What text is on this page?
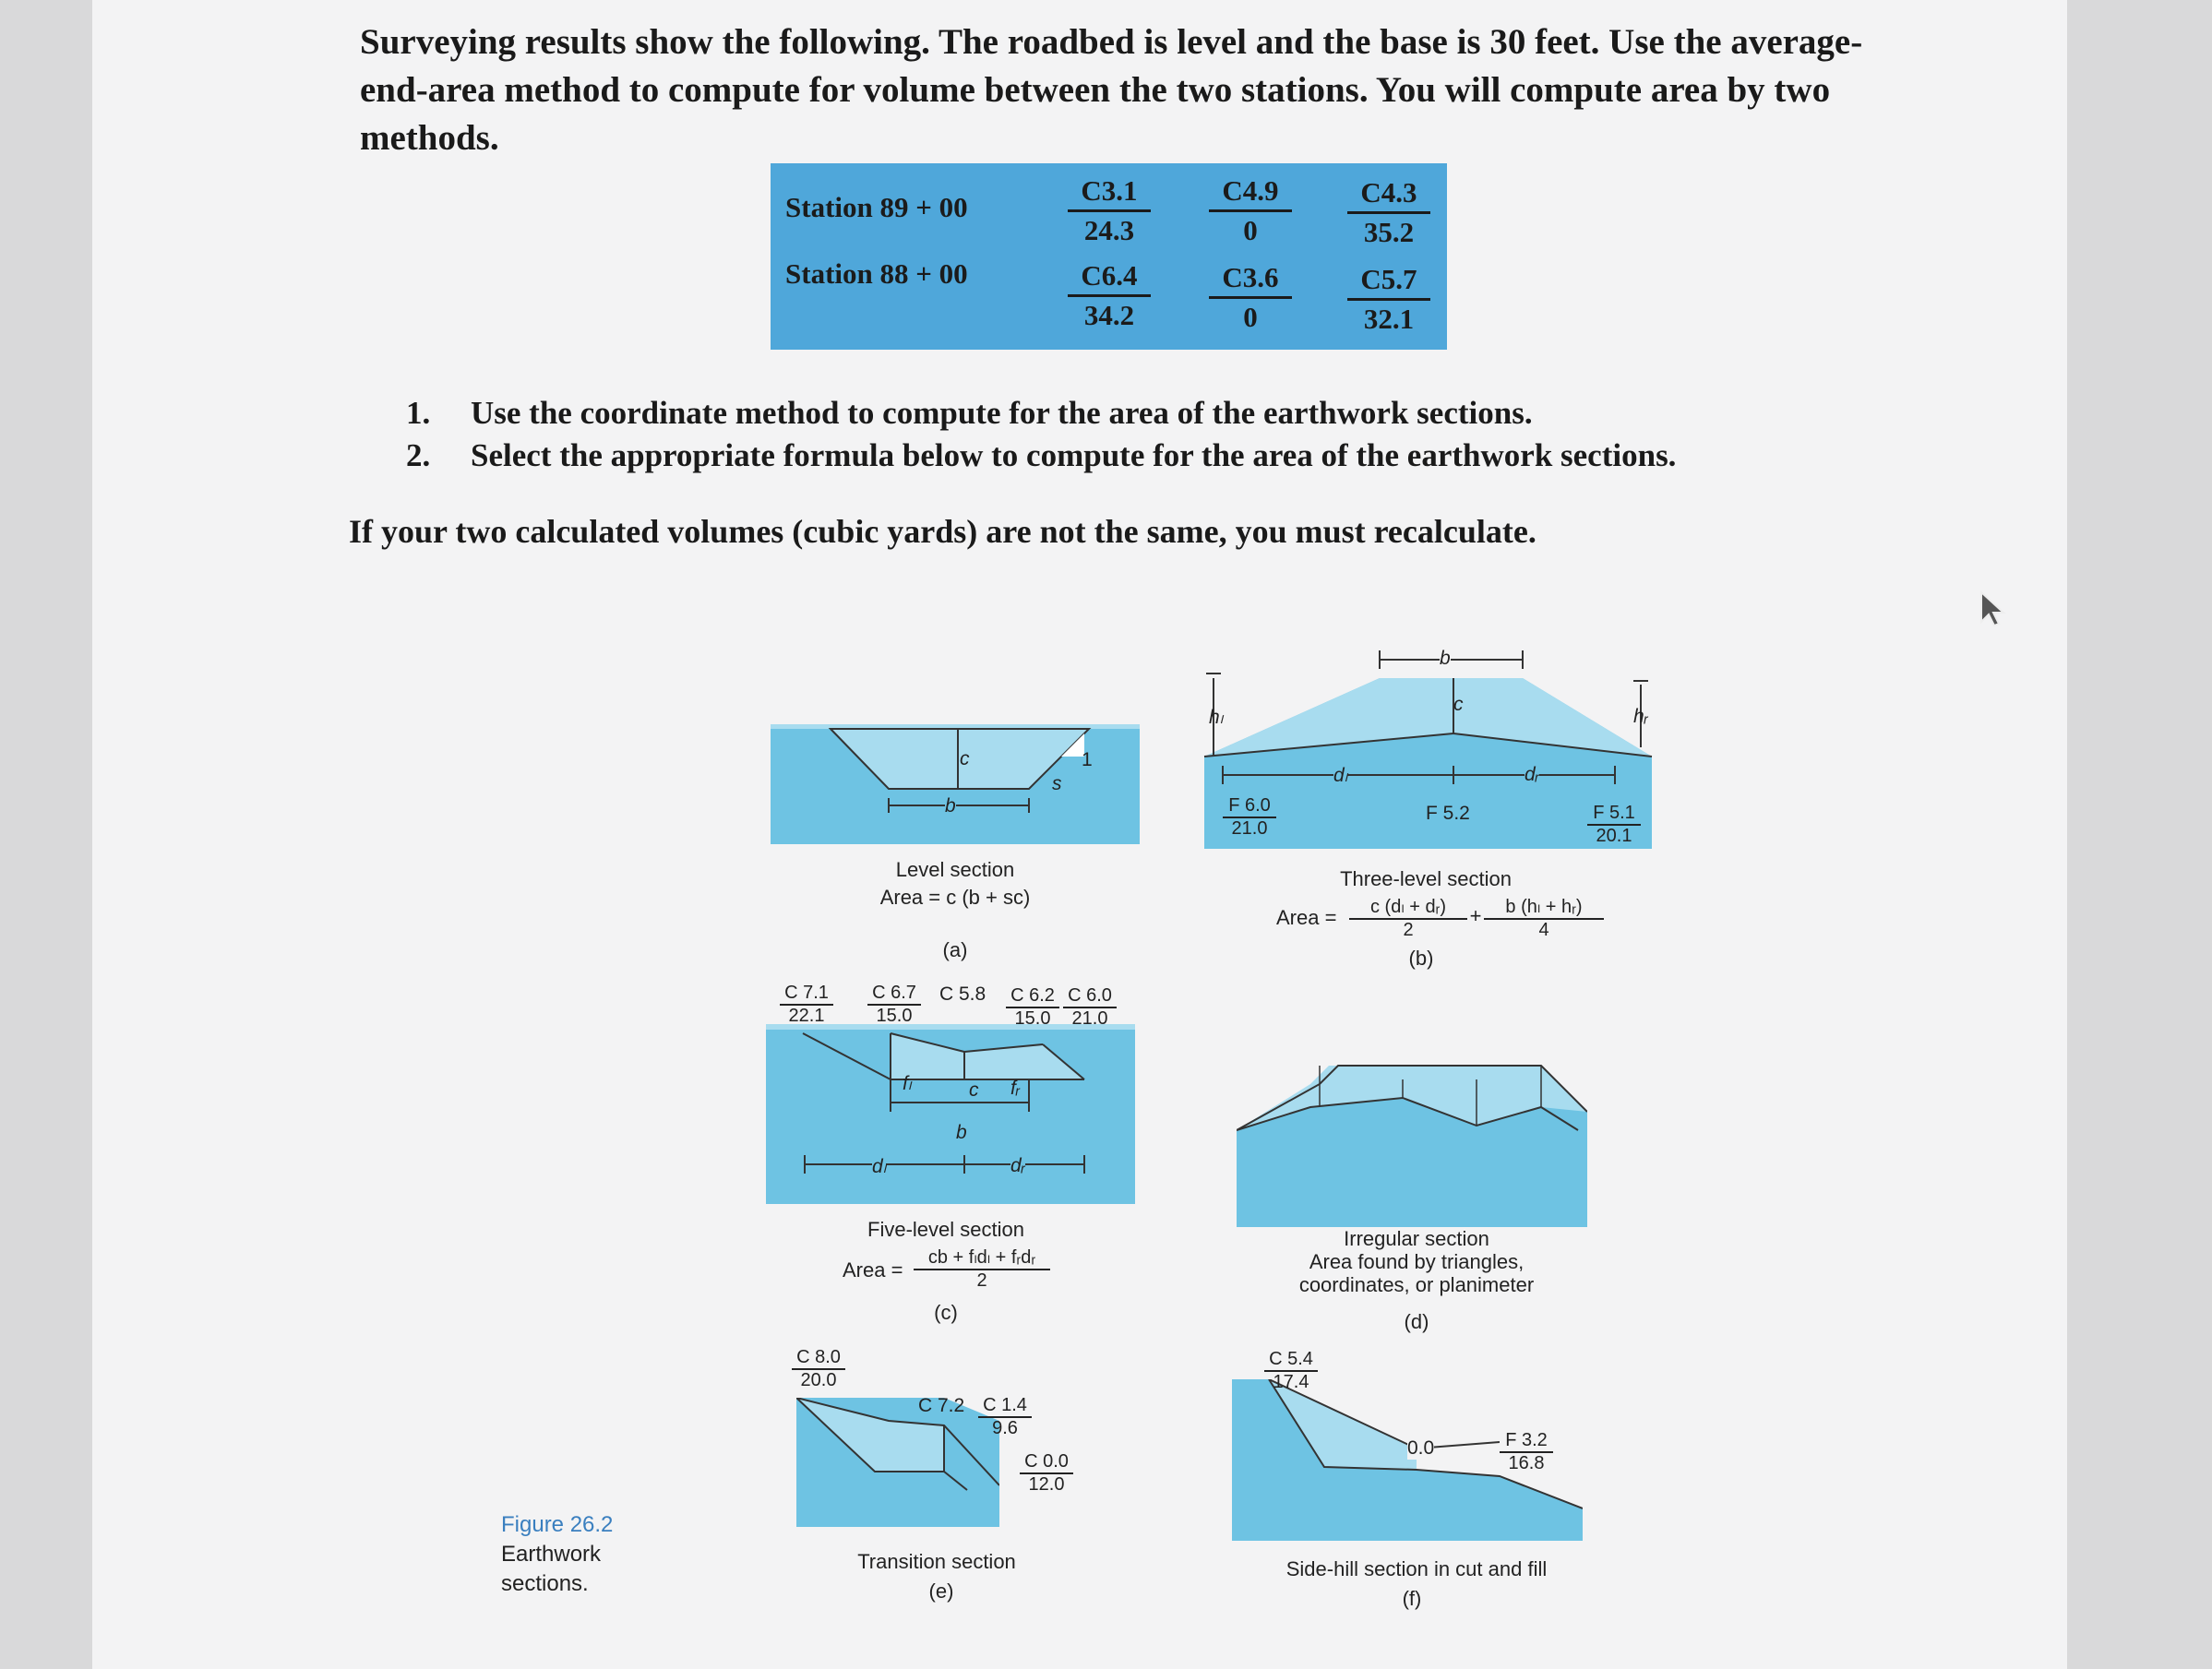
Surveying results show the following. The roadbed is level and the base is 30 feet. Use the average-end-area method to compute for volume between the two stations. You will compute area by two methods.
Station 89 + 00
Station 88 + 00
$\frac{C3.1}{24.3} \frac{C4.9}{0} \frac{C4.3}{35.2}$
$\frac{C6.4}{34.2} \frac{C3.6}{0} \frac{C5.7}{32.1}$
1. Use the coordinate method to compute for the area of the earthwork sections.
2. Select the appropriate formula below to compute for the area of the earthwork sections.
If your two calculated volumes (cubic yards) are not the same, you must recalculate.
c
b
s
1
Level section
Area = c (b + sc)
(a)
b
c
hₗ	hᵣ
dₗ	dᵣ
F 6.0
21.0
F 5.2	F 5.1
20.1
Three-level section
Area =	c (dₗ + dᵣ)
2
+	b (hₗ + hᵣ)
4
(b)
C 7.1
22.1
C 6.7
15.0
C 5.8 C 6.2
15.0
C 6.0
21.0
fₗ	c fᵣ
b
dₗ	dᵣ
Five-level section
Area =
cb + fₗdₗ + fᵣdᵣ
2
(c)
Irregular section
Area found by triangles,
coordinates, or planimeter
(d)
C 8.0
20.0
C 7.2 C 1.4
9.6
C 0.0
12.0
Transition section
(e)
C 5.4
17.4
0.0	F 3.2
16.8
Side-hill section in cut and fill
(f)
Figure 26.2
Earthwork
sections.
